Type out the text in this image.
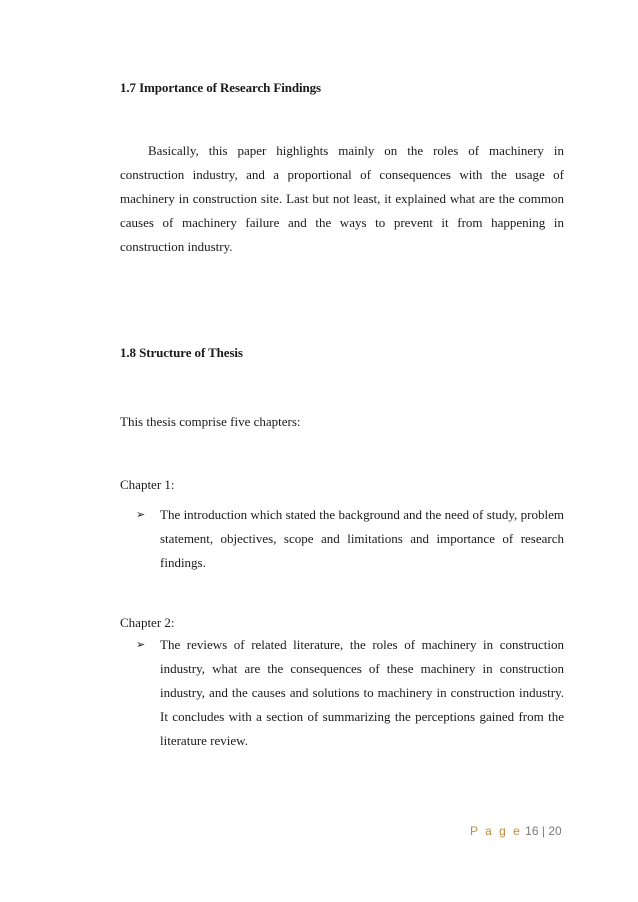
1.7 Importance of Research Findings
Basically, this paper highlights mainly on the roles of machinery in construction industry, and a proportional of consequences with the usage of machinery in construction site. Last but not least, it explained what are the common causes of machinery failure and the ways to prevent it from happening in construction industry.
1.8 Structure of Thesis
This thesis comprise five chapters:
Chapter 1:
➢ The introduction which stated the background and the need of study, problem statement, objectives, scope and limitations and importance of research findings.
Chapter 2:
➢ The reviews of related literature, the roles of machinery in construction industry, what are the consequences of these machinery in construction industry, and the causes and solutions to machinery in construction industry. It concludes with a section of summarizing the perceptions gained from the literature review.
P a g e 16 | 20
